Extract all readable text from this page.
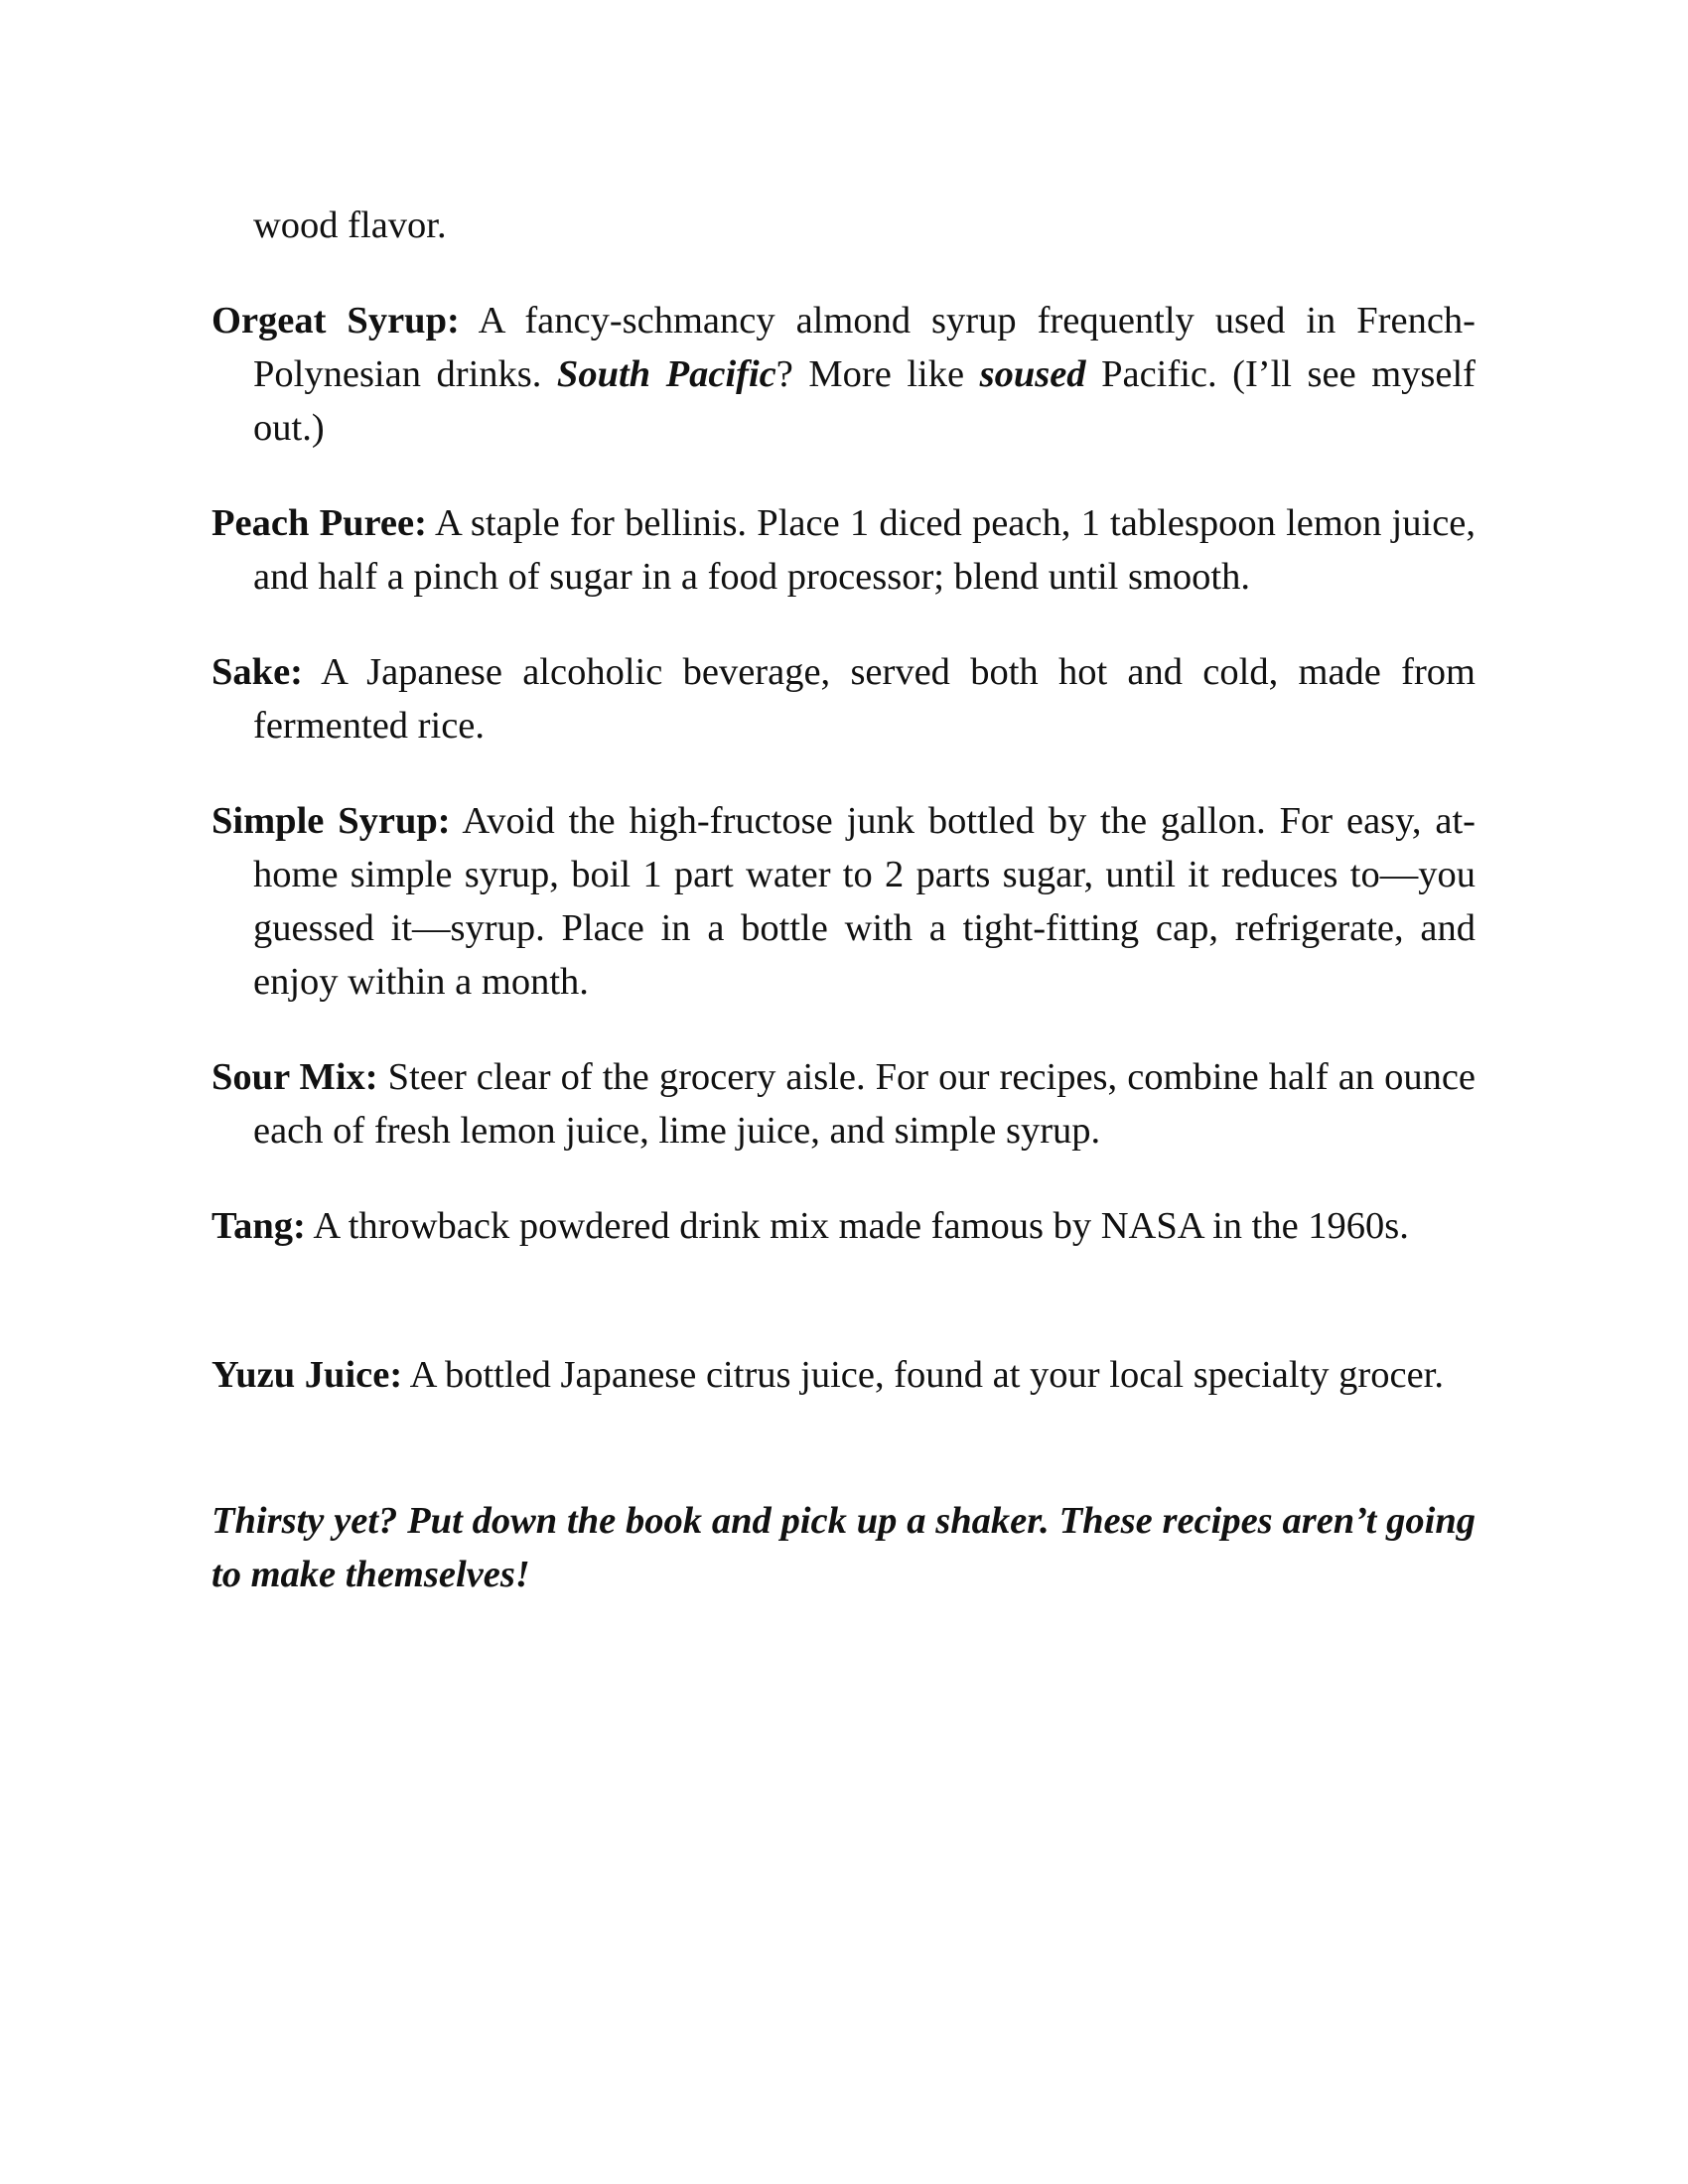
wood flavor.
Orgeat Syrup: A fancy-schmancy almond syrup frequently used in French-Polynesian drinks. South Pacific? More like soused Pacific. (I’ll see myself out.)
Peach Puree: A staple for bellinis. Place 1 diced peach, 1 tablespoon lemon juice, and half a pinch of sugar in a food processor; blend until smooth.
Sake: A Japanese alcoholic beverage, served both hot and cold, made from fermented rice.
Simple Syrup: Avoid the high-fructose junk bottled by the gallon. For easy, at-home simple syrup, boil 1 part water to 2 parts sugar, until it reduces to—you guessed it—syrup. Place in a bottle with a tight-fitting cap, refrigerate, and enjoy within a month.
Sour Mix: Steer clear of the grocery aisle. For our recipes, combine half an ounce each of fresh lemon juice, lime juice, and simple syrup.
Tang: A throwback powdered drink mix made famous by NASA in the 1960s.
Yuzu Juice: A bottled Japanese citrus juice, found at your local specialty grocer.
Thirsty yet? Put down the book and pick up a shaker. These recipes aren’t going to make themselves!
